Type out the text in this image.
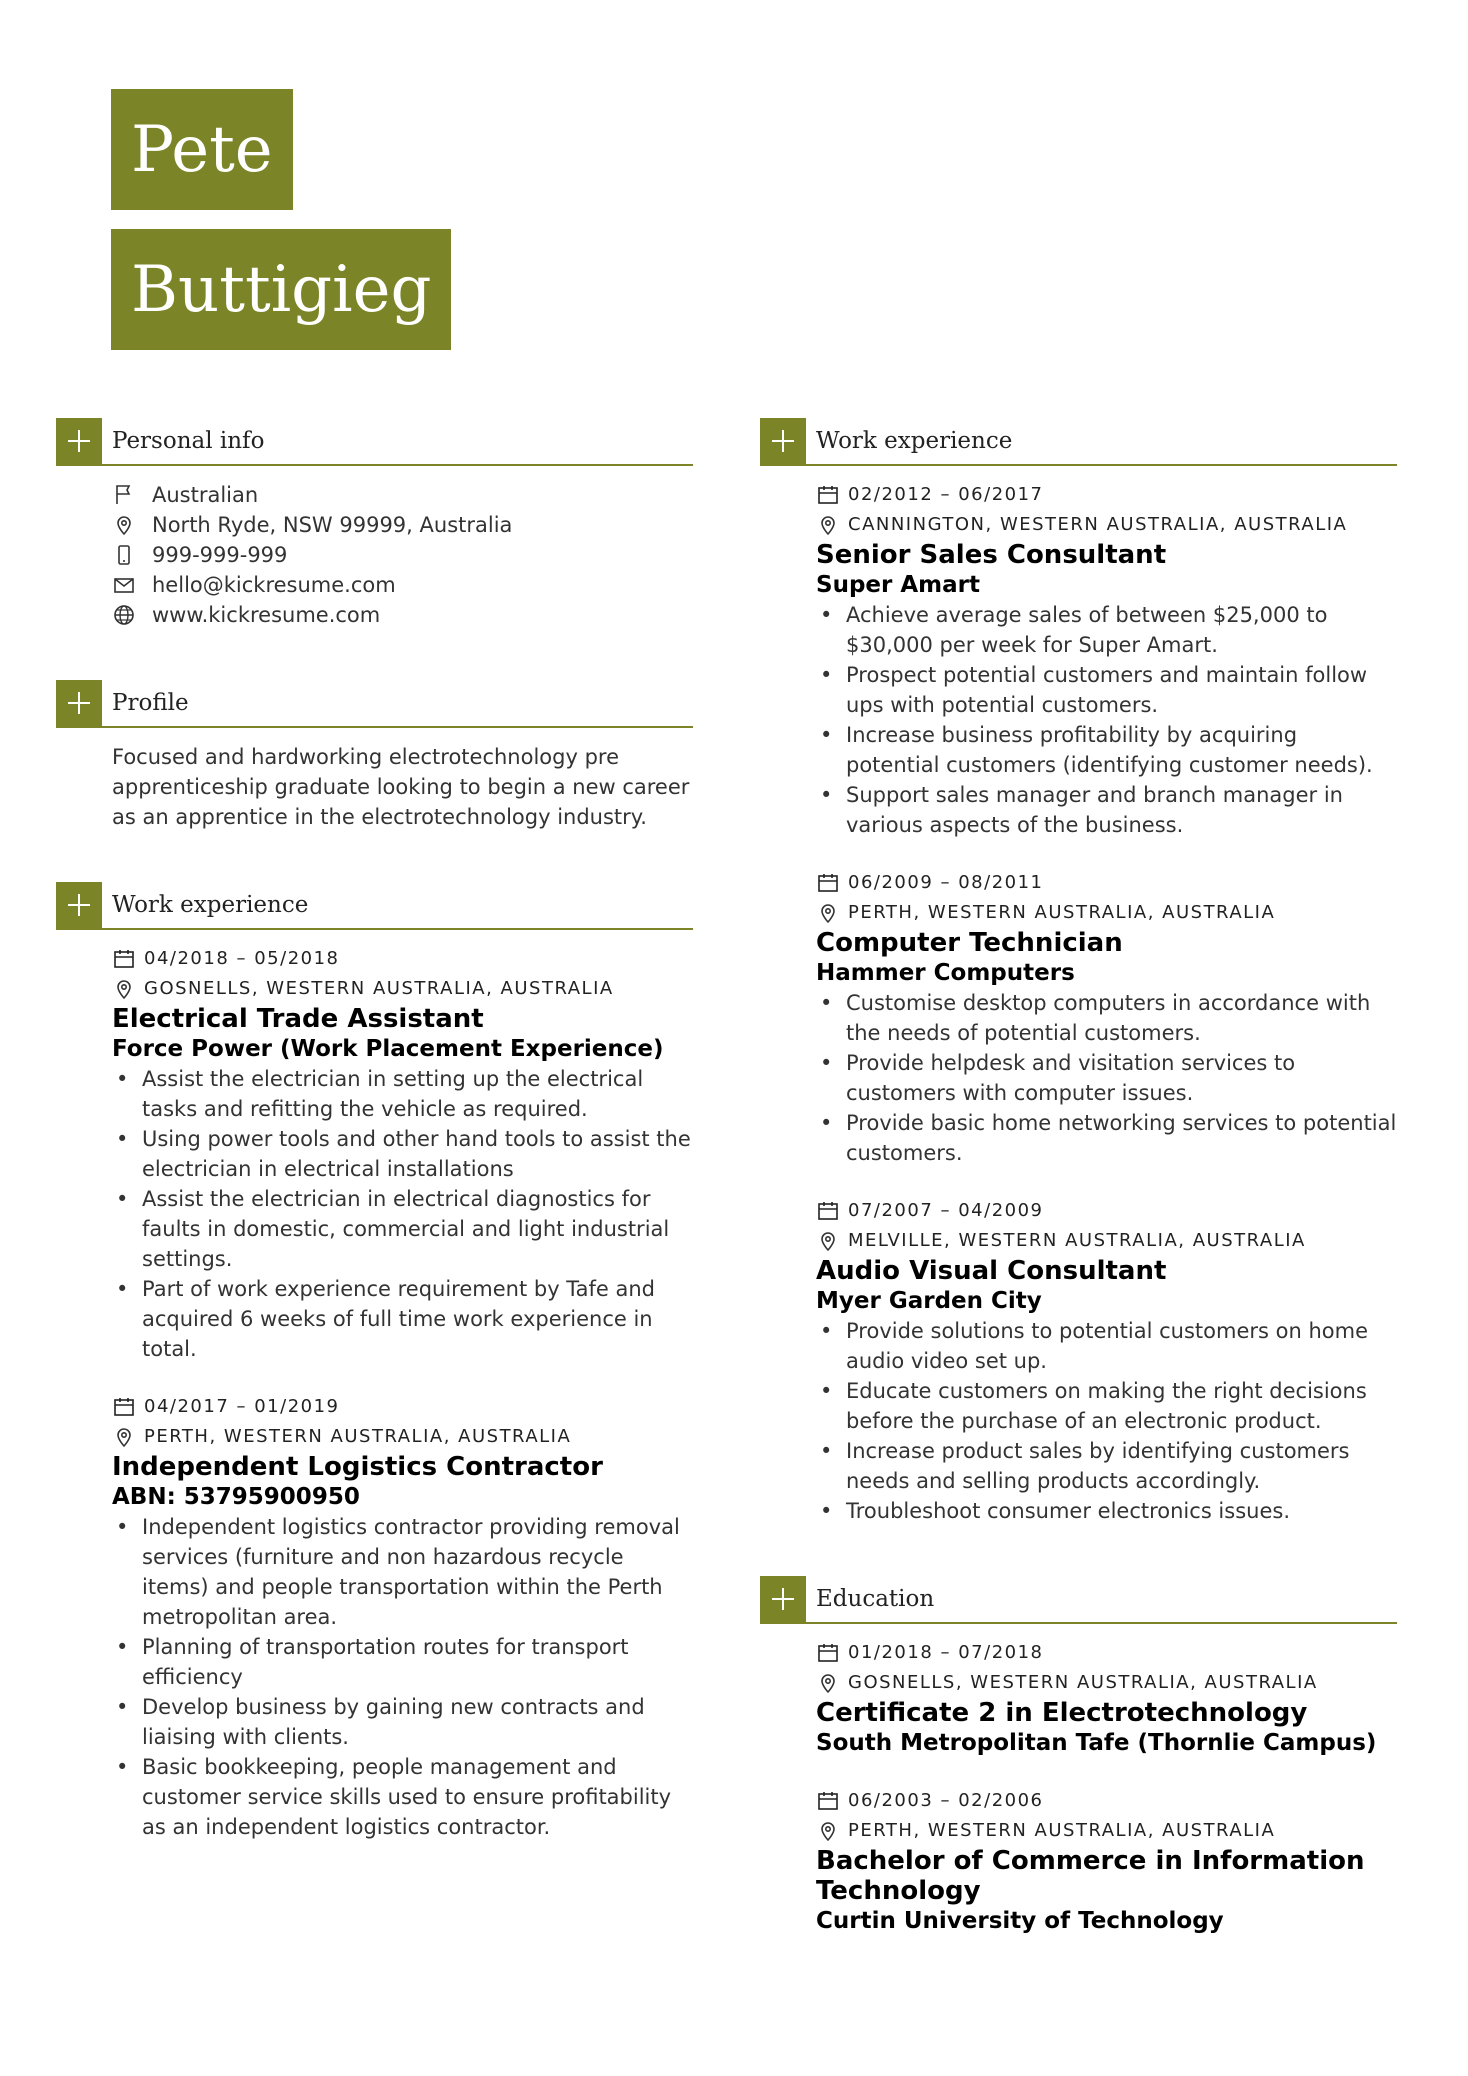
Pete
Buttigieg
Personal info
Australian
North Ryde, NSW 99999, Australia
999-999-999
hello@kickresume.com
www.kickresume.com
Profile

Focused and hardworking electrotechnology pre apprenticeship graduate looking to begin a new career as an apprentice in the electrotechnology industry.

Work experience
04/2018 – 05/2018
GOSNELLS, WESTERN AUSTRALIA, AUSTRALIA
Electrical Trade Assistant
Force Power (Work Placement Experience)
• Assist the electrician in setting up the electrical tasks and refitting the vehicle as required.
• Using power tools and other hand tools to assist the electrician in electrical installations
• Assist the electrician in electrical diagnostics for faults in domestic, commercial and light industrial settings.
• Part of work experience requirement by Tafe and acquired 6 weeks of full time work experience in total.
04/2017 – 01/2019
PERTH, WESTERN AUSTRALIA, AUSTRALIA
Independent Logistics Contractor
ABN: 53795900950
• Independent logistics contractor providing removal services (furniture and non hazardous recycle items) and people transportation within the Perth metropolitan area.
• Planning of transportation routes for transport efficiency
• Develop business by gaining new contracts and liaising with clients.
• Basic bookkeeping, people management and customer service skills used to ensure profitability as an independent logistics contractor.
Work experience
02/2012 – 06/2017
CANNINGTON, WESTERN AUSTRALIA, AUSTRALIA
Senior Sales Consultant
Super Amart
• Achieve average sales of between $25,000 to $30,000 per week for Super Amart.
• Prospect potential customers and maintain follow ups with potential customers.
• Increase business profitability by acquiring potential customers (identifying customer needs).
• Support sales manager and branch manager in various aspects of the business.
06/2009 – 08/2011
PERTH, WESTERN AUSTRALIA, AUSTRALIA
Computer Technician
Hammer Computers
• Customise desktop computers in accordance with the needs of potential customers.
• Provide helpdesk and visitation services to customers with computer issues.
• Provide basic home networking services to potential customers.
07/2007 – 04/2009
MELVILLE, WESTERN AUSTRALIA, AUSTRALIA
Audio Visual Consultant
Myer Garden City
• Provide solutions to potential customers on home audio video set up.
• Educate customers on making the right decisions before the purchase of an electronic product.
• Increase product sales by identifying customers needs and selling products accordingly.
• Troubleshoot consumer electronics issues.
Education
01/2018 – 07/2018
GOSNELLS, WESTERN AUSTRALIA, AUSTRALIA
Certificate 2 in Electrotechnology
South Metropolitan Tafe (Thornlie Campus)
06/2003 – 02/2006
PERTH, WESTERN AUSTRALIA, AUSTRALIA
Bachelor of Commerce in Information Technology
Curtin University of Technology
